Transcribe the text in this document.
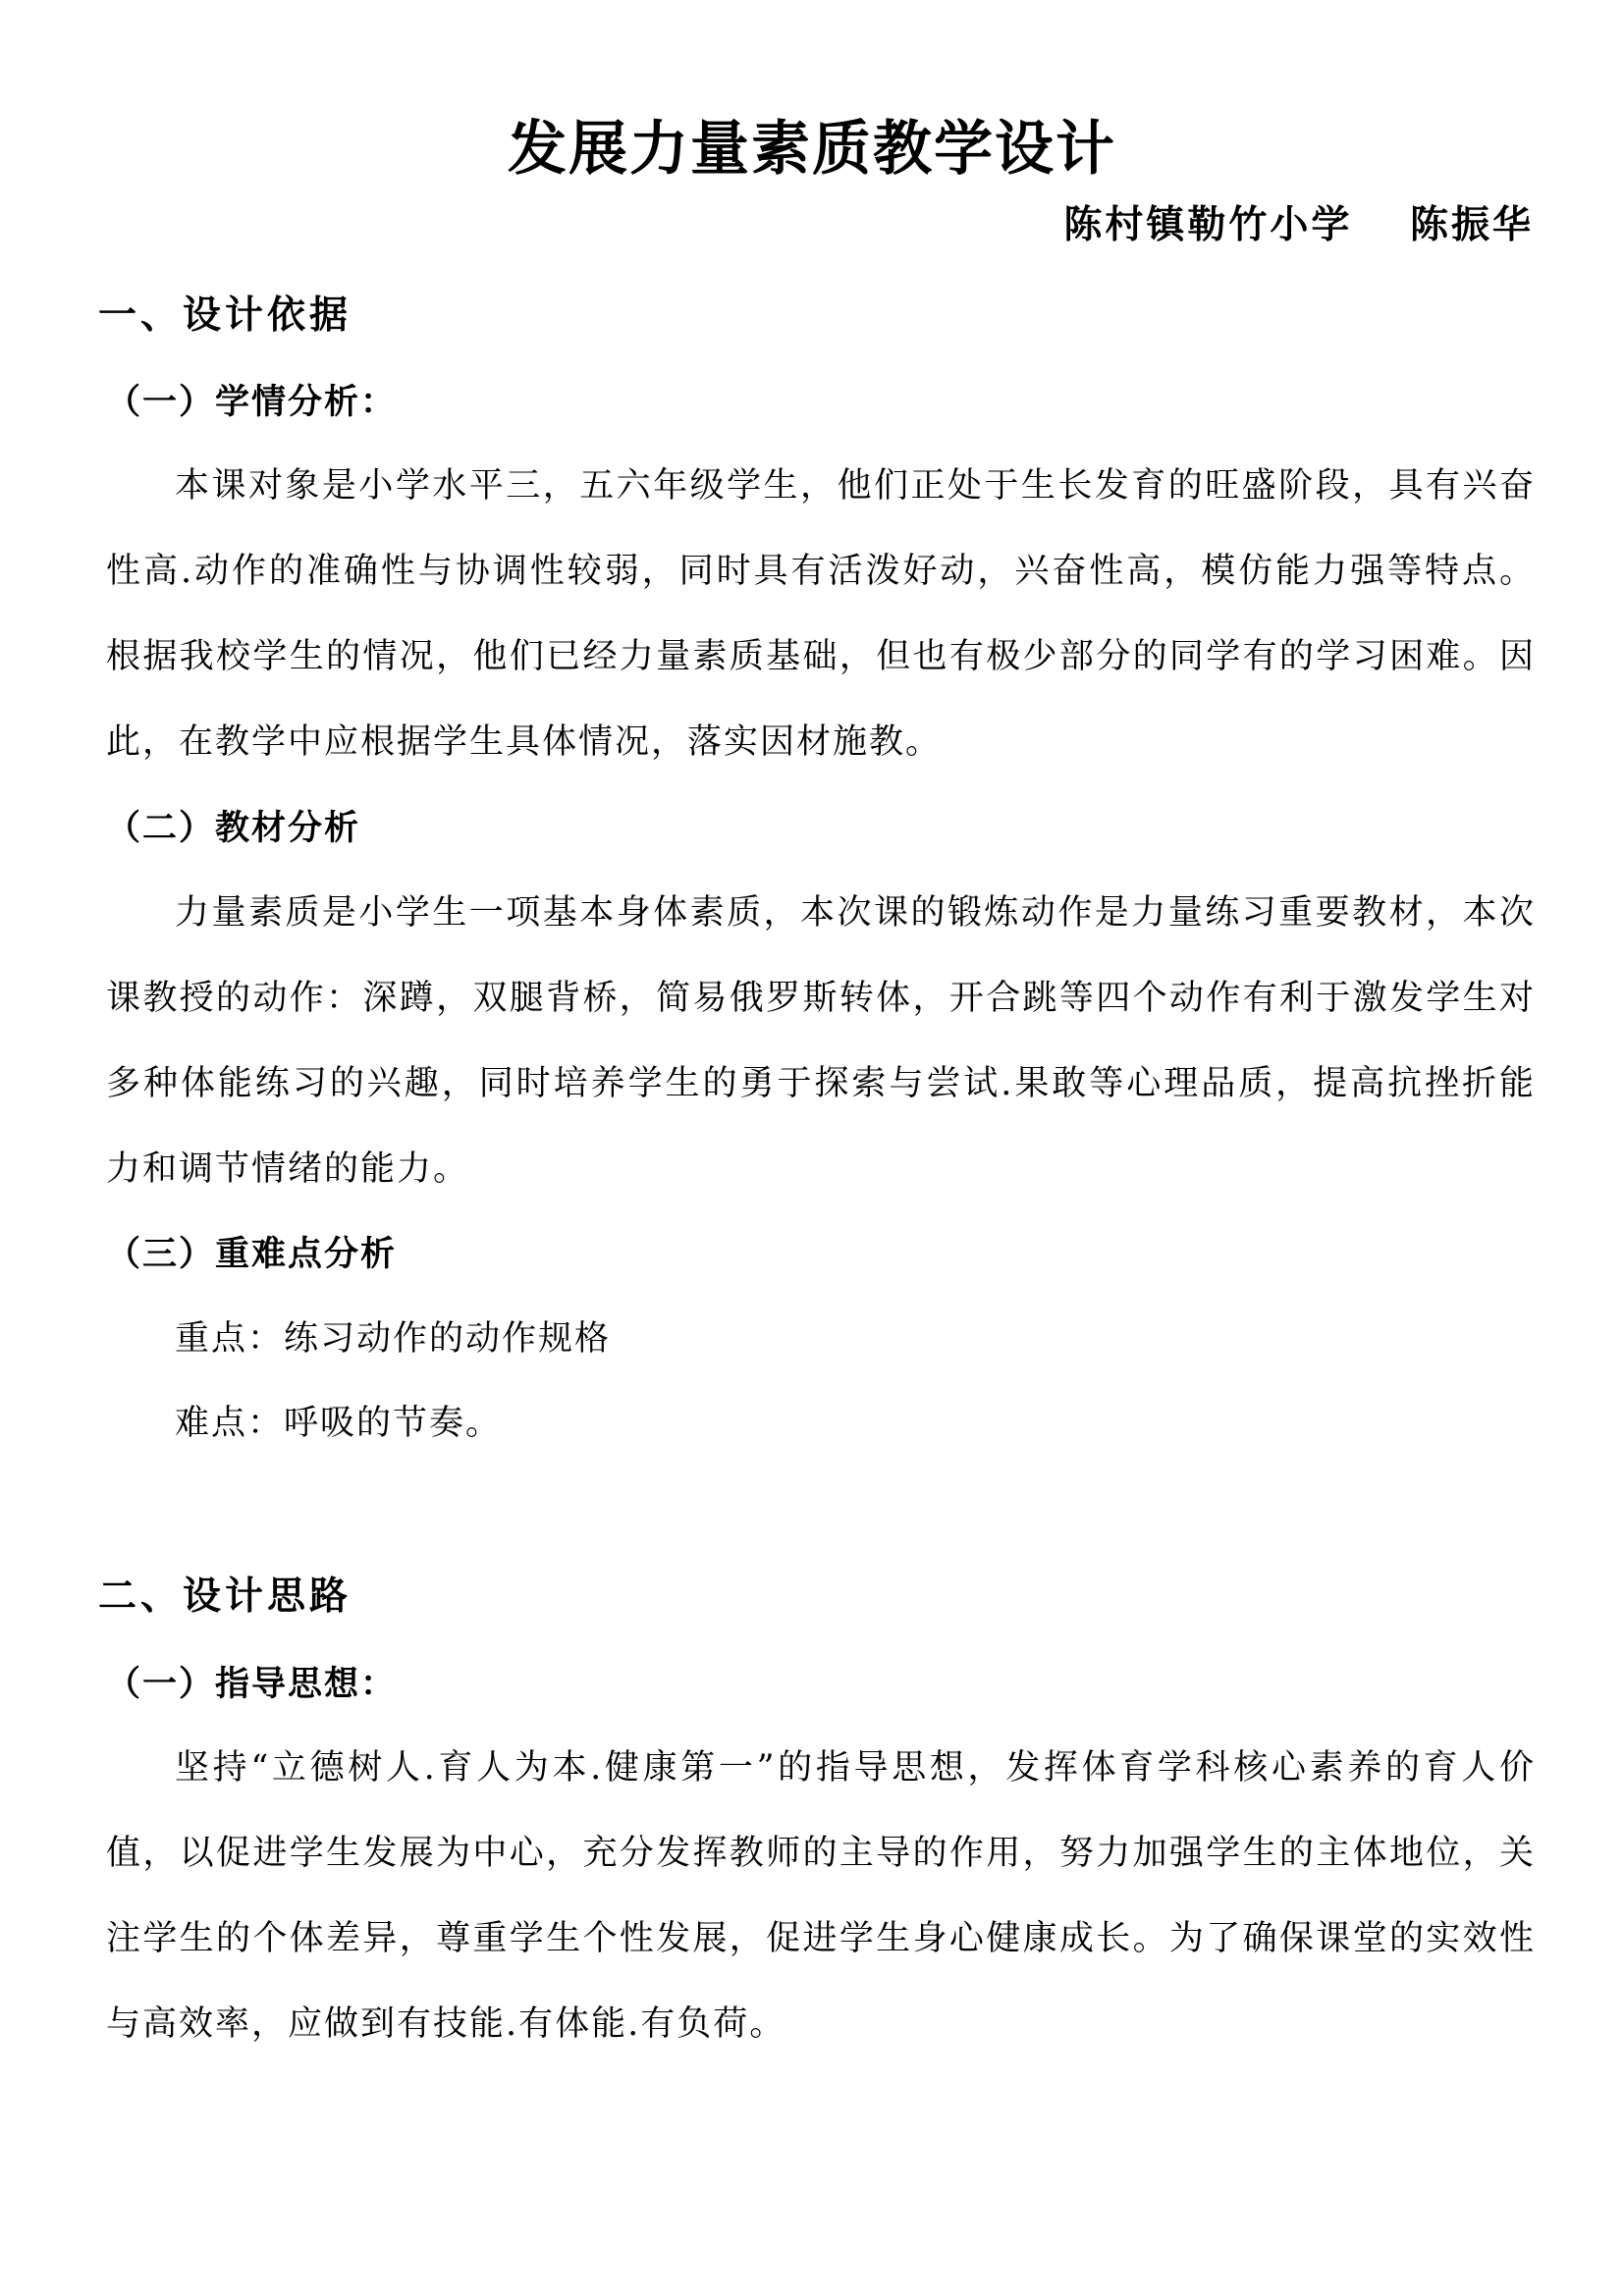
发展力量素质教学设计
陈村镇勒竹小学　 陈振华
一、设计依据
（一）学情分析：
本课对象是小学水平三，五六年级学生，他们正处于生长发育的旺盛阶段，具有兴奋性高.动作的准确性与协调性较弱，同时具有活泼好动，兴奋性高，模仿能力强等特点。 根据我校学生的情况，他们已经力量素质基础，但也有极少部分的同学有的学习困难。因此，在教学中应根据学生具体情况，落实因材施教。
（二）教材分析
力量素质是小学生一项基本身体素质，本次课的锻炼动作是力量练习重要教材，本次课教授的动作：深蹲，双腿背桥，简易俄罗斯转体，开合跳等四个动作有利于激发学生对多种体能练习的兴趣，同时培养学生的勇于探索与尝试.果敢等心理品质，提高抗挫折能力和调节情绪的能力。
（三）重难点分析
重点：练习动作的动作规格
难点：呼吸的节奏。
二、设计思路
（一）指导思想：
坚持“立德树人.育人为本.健康第一”的指导思想，发挥体育学科核心素养的育人价值，以促进学生发展为中心，充分发挥教师的主导的作用，努力加强学生的主体地位，关注学生的个体差异，尊重学生个性发展，促进学生身心健康成长。为了确保课堂的实效性与高效率，应做到有技能.有体能.有负荷。
